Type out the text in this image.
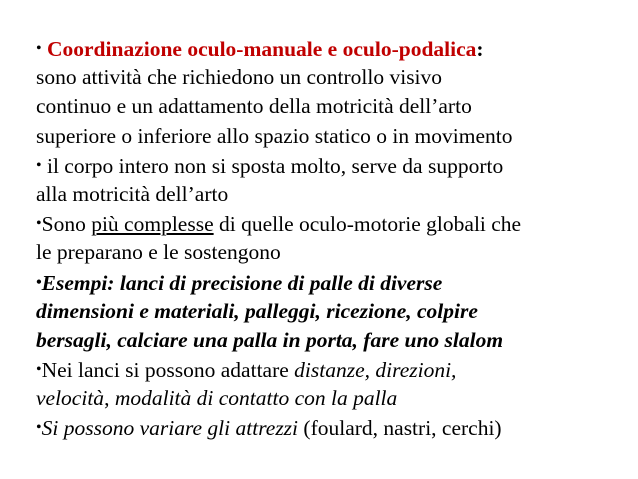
• Coordinazione oculo-manuale e oculo-podalica:
sono attività che richiedono un controllo visivo
continuo e un adattamento della motricità dell’arto
superiore o inferiore allo spazio statico o in movimento
• il corpo intero non si sposta molto, serve da supporto
alla motricità dell’arto
•Sono più complesse di quelle oculo-motorie globali che
le preparano e le sostengono
•Esempi: lanci di precisione di palle di diverse
dimensioni e materiali, palleggi, ricezione, colpire
bersagli, calciare una palla in porta, fare uno slalom
•Nei lanci si possono adattare distanze, direzioni,
velocità, modalità di contatto con la palla
•Si possono variare gli attrezzi (foulard, nastri, cerchi)
